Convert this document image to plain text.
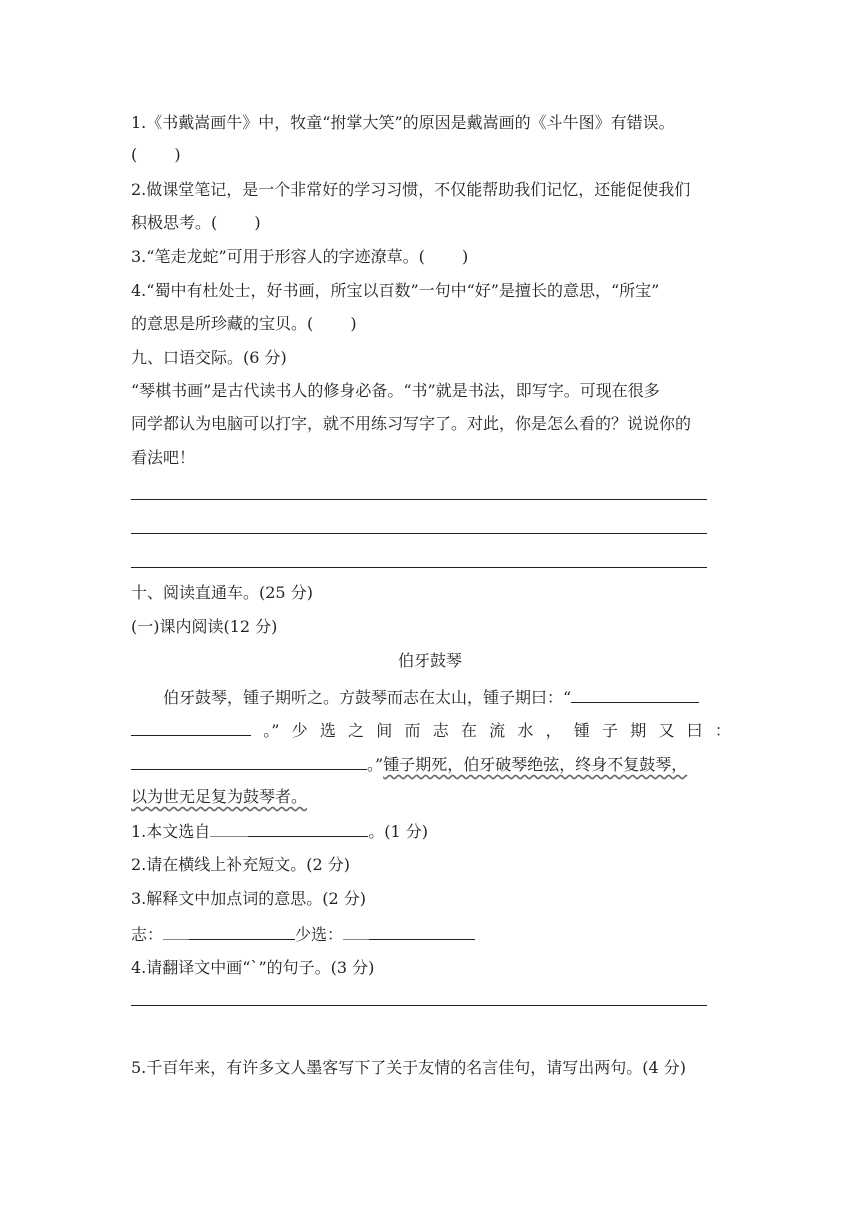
1.《书戴嵩画牛》中，牧童“拊掌大笑”的原因是戴嵩画的《斗牛图》有错误。
(　　 )
2.做课堂笔记，是一个非常好的学习习惯，不仅能帮助我们记忆，还能促使我们
积极思考。(　　 )
3.“笔走龙蛇”可用于形容人的字迹潦草。(　　 )
4.“蜀中有杜处士，好书画，所宝以百数”一句中“好”是擅长的意思，“所宝”
的意思是所珍藏的宝贝。(　　 )
九、口语交际。(6 分)
“琴棋书画”是古代读书人的修身必备。“书”就是书法，即写字。可现在很多
同学都认为电脑可以打字，就不用练习写字了。对此，你是怎么看的？说说你的
看法吧！
十、阅读直通车。(25 分)
(一)课内阅读(12 分)
伯牙鼓琴
伯牙鼓琴，锺子期听之。方鼓琴而志在太山，锺子期曰：“
。” 少 选 之 间 而 志 在 流 水 ， 锺 子 期 又 曰 ：
。”锺子期死，伯牙破琴绝弦，终身不复鼓琴，
以为世无足复为鼓琴者。
1.本文选自	。(1 分)
2.请在横线上补充短文。(2 分)
3.解释文中加点词的意思。(2 分)
志：	少选：
4.请翻译文中画“ˋ”的句子。(3 分)
5.千百年来，有许多文人墨客写下了关于友情的名言佳句，请写出两句。(4 分)
